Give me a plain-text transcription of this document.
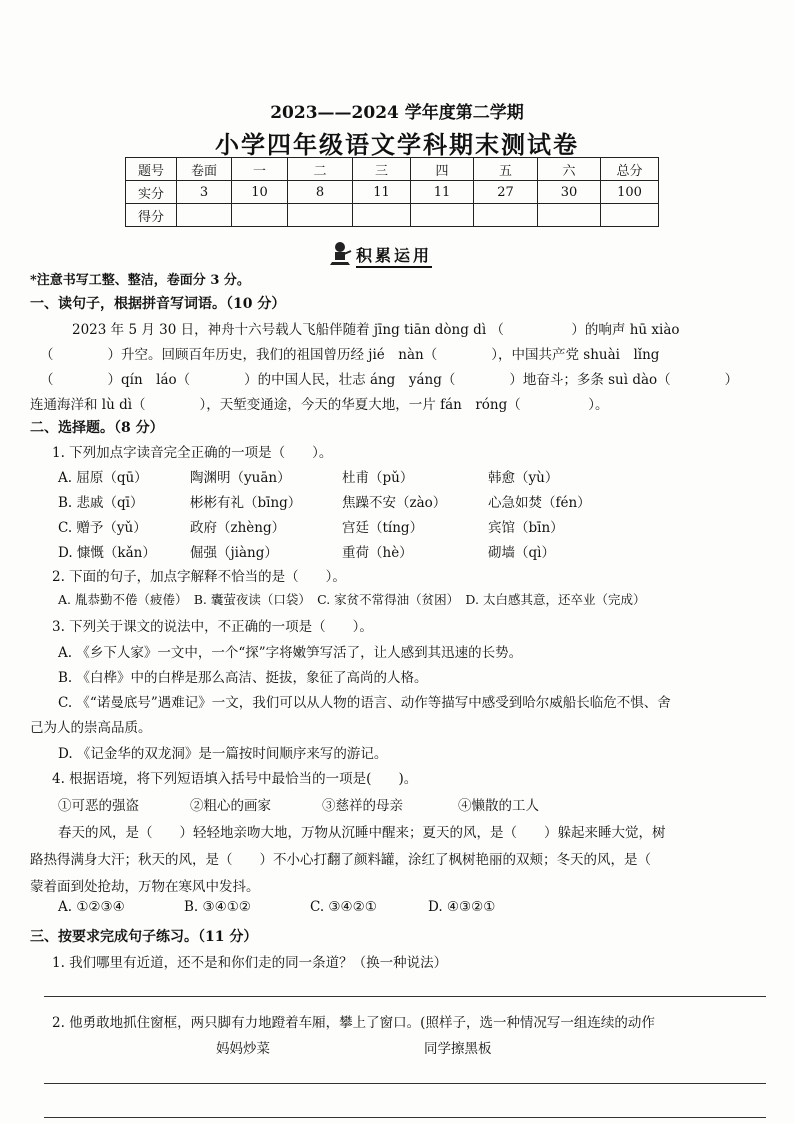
2023——2024 学年度第二学期
小学四年级语文学科期末测试卷
题号	卷面	一	二	三	四	五	六	总分
实分	3	10	8	11	11	27	30	100
得分								
积累运用
*注意书写工整、整洁，卷面分 3 分。
一、读句子，根据拼音写词语。（10 分）
2023 年 5 月 30 日，神舟十六号载人飞船伴随着 jīng tiān dòng dì （　　　　　）的响声 hū xiào
（　　　　）升空。回顾百年历史，我们的祖国曾历经 jié　nàn（　　　　），中国共产党 shuài　lǐng
（　　　　）qín　láo（　　　　）的中国人民，壮志 áng　yáng（　　　　）地奋斗；多条 suì dào（　　　　）
连通海洋和 lù dì（　　　　），天堑变通途，今天的华夏大地，一片 fán　róng（　　　　　）。
二、选择题。（8 分）
1. 下列加点字读音完全正确的一项是（　　）。
A. 屈原（qū）	陶渊明（yuān）	杜甫（pǔ）	韩愈（yù）
B. 悲戚（qī）	彬彬有礼（bīng）	焦躁不安（zào）	心急如焚（fén）
C. 赠予（yǔ）	政府（zhèng）	宫廷（tíng）	宾馆（bīn）
D. 慷慨（kǎn）	倔强（jiàng）	重荷（hè）	砌墙（qì）
2. 下面的句子，加点字解释不恰当的是（　　）。
A. 胤恭勤不倦（疲倦）　B. 囊萤夜读（口袋）　C. 家贫不常得油（贫困）　D. 太白感其意，还卒业（完成）
3. 下列关于课文的说法中，不正确的一项是（　　）。
A. 《乡下人家》一文中，一个“探”字将嫩笋写活了，让人感到其迅速的长势。
B. 《白桦》中的白桦是那么高洁、挺拔，象征了高尚的人格。
C. 《“诺曼底号”遇难记》一文，我们可以从人物的语言、动作等描写中感受到哈尔威船长临危不惧、舍
己为人的崇高品质。
D. 《记金华的双龙洞》是一篇按时间顺序来写的游记。
4. 根据语境，将下列短语填入括号中最恰当的一项是(　　)。
①可恶的强盗	②粗心的画家	③慈祥的母亲	④懒散的工人
春天的风，是（　　）轻轻地亲吻大地，万物从沉睡中醒来；夏天的风，是（　　）躲起来睡大觉，树
路热得满身大汗；秋天的风，是（　　）不小心打翻了颜料罐，涂红了枫树艳丽的双颊；冬天的风，是（
蒙着面到处抢劫，万物在寒风中发抖。
A. ①②③④	B. ③④①②	C. ③④②①	D. ④③②①
三、按要求完成句子练习。（11 分）
1. 我们哪里有近道，还不是和你们走的同一条道？（换一种说法）
2. 他勇敢地抓住窗框，两只脚有力地蹬着车厢，攀上了窗口。(照样子，选一种情况写一组连续的动作
妈妈炒菜	同学擦黑板
